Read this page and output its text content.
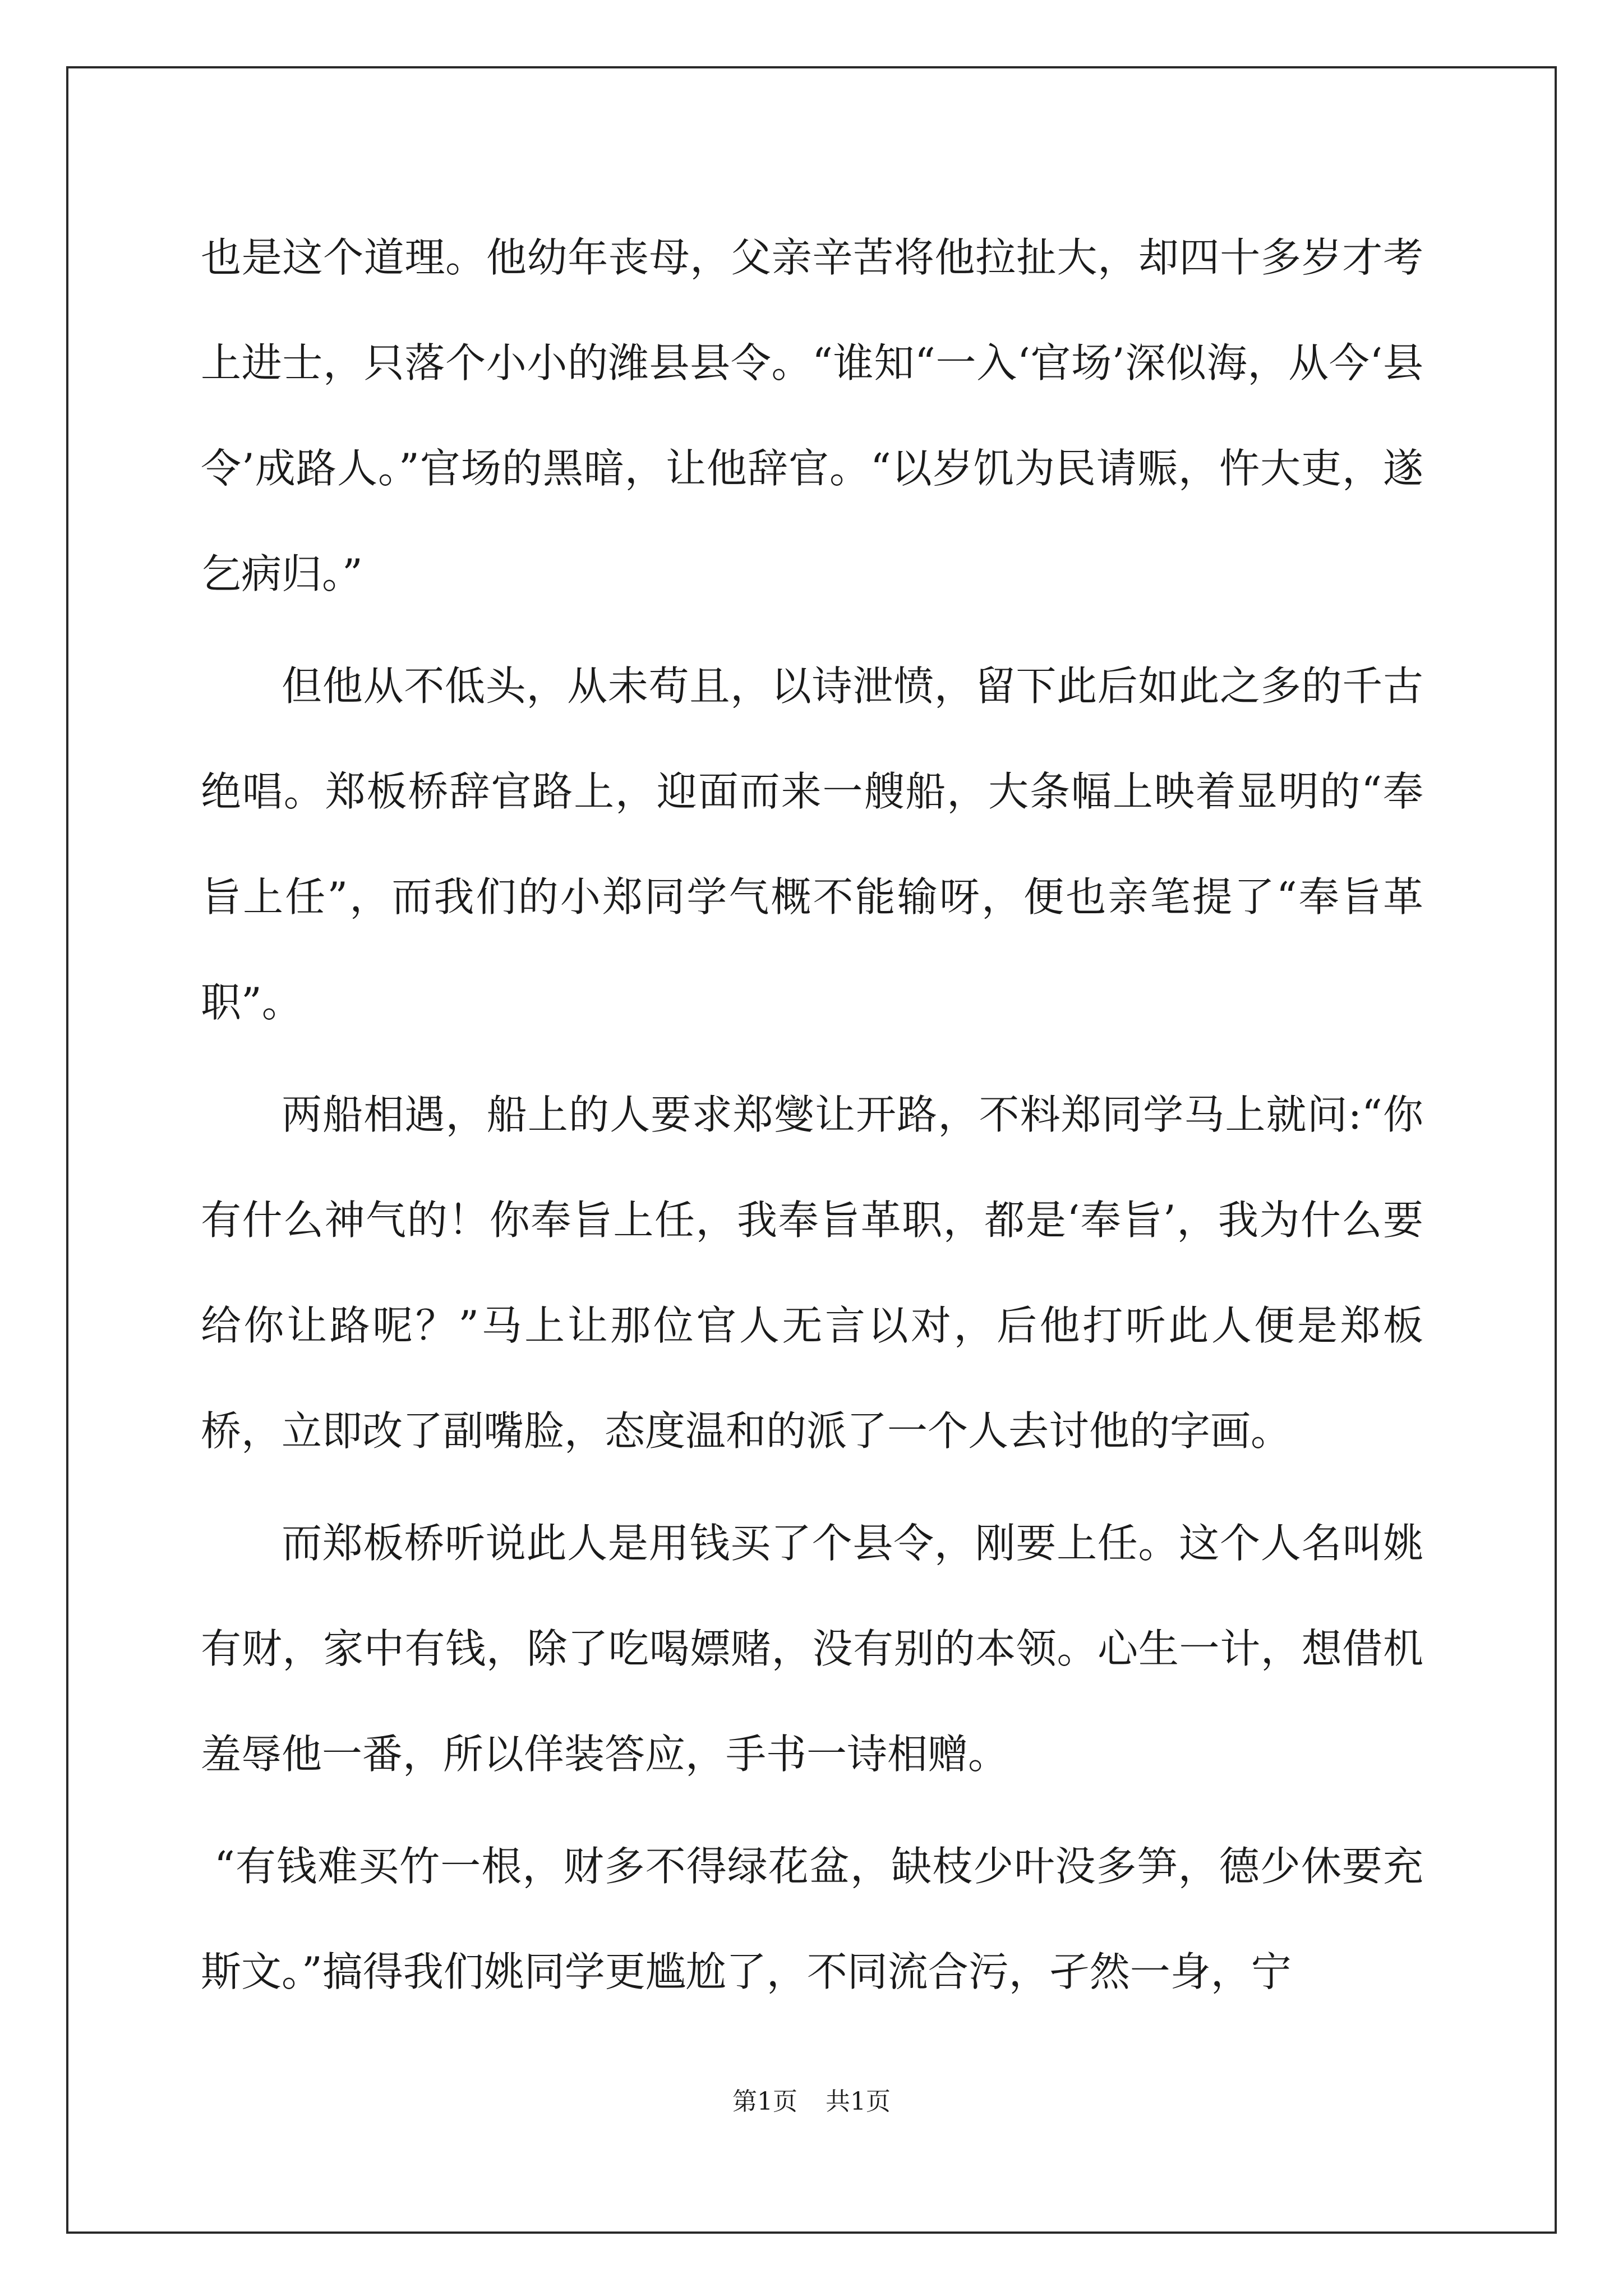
也是这个道理。他幼年丧母，父亲辛苦将他拉扯大，却四十多岁才考上进士，只落个小小的潍县县令。“谁知“一入‘官场’深似海，从今‘县令’成路人。”官场的黑暗，让他辞官。“以岁饥为民请赈，忤大吏，遂乞病归。”

但他从不低头，从未苟且，以诗泄愤，留下此后如此之多的千古绝唱。郑板桥辞官路上，迎面而来一艘船，大条幅上映着显明的“奉旨上任”，而我们的小郑同学气概不能输呀，便也亲笔提了“奉旨革职”。

两船相遇，船上的人要求郑燮让开路，不料郑同学马上就问:“你有什么神气的！你奉旨上任，我奉旨革职，都是‘奉旨’，我为什么要给你让路呢？”马上让那位官人无言以对，后他打听此人便是郑板桥，立即改了副嘴脸，态度温和的派了一个人去讨他的字画。

而郑板桥听说此人是用钱买了个县令，刚要上任。这个人名叫姚有财，家中有钱，除了吃喝嫖赌，没有别的本领。心生一计，想借机羞辱他一番，所以佯装答应，手书一诗相赠。

“有钱难买竹一根，财多不得绿花盆，缺枝少叶没多笋，德少休要充斯文。”搞得我们姚同学更尴尬了，不同流合污，孑然一身，宁

第1页 共1页
